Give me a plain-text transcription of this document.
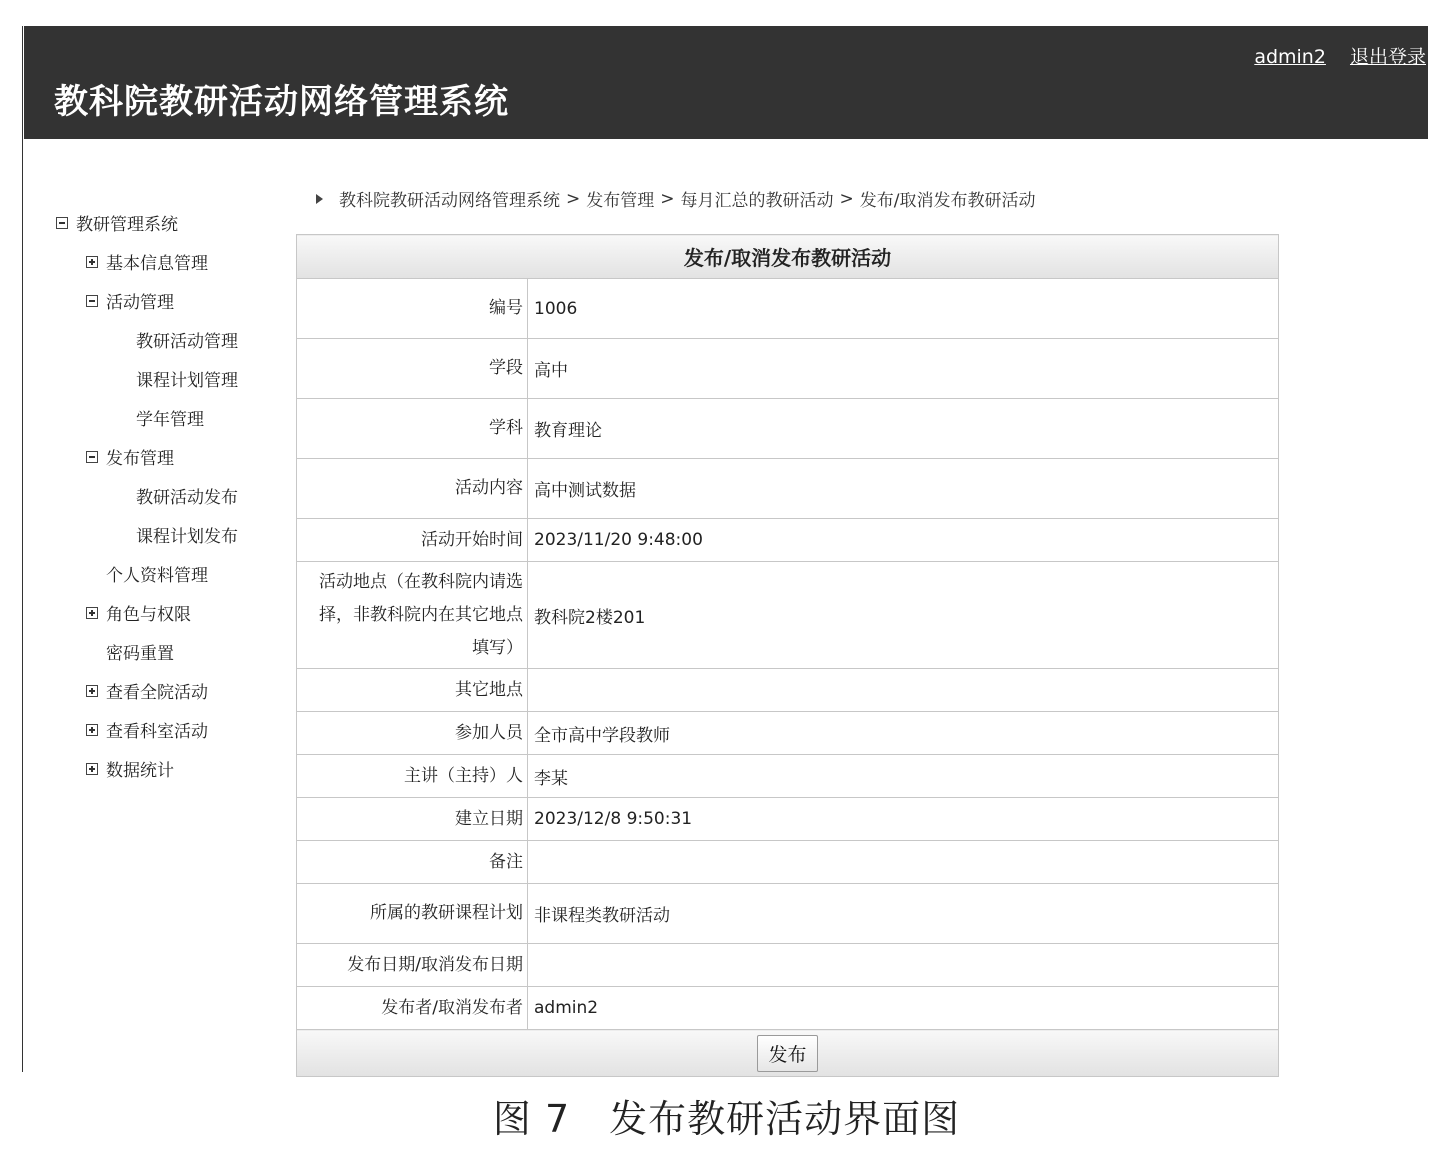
教科院教研活动网络管理系统
admin2 退出登录
教研管理系统
基本信息管理
活动管理
教研活动管理
课程计划管理
学年管理
发布管理
教研活动发布
课程计划发布
个人资料管理
角色与权限
密码重置
查看全院活动
查看科室活动
数据统计
教科院教研活动网络管理系统 > 发布管理 > 每月汇总的教研活动 > 发布/取消发布教研活动
发布/取消发布教研活动	
编号	1006
学段	高中
学科	教育理论
活动内容	高中测试数据
活动开始时间	2023/11/20 9:48:00
活动地点（在教科院内请选择，非教科院内在其它地点填写）	教科院2楼201
其它地点	
参加人员	全市高中学段教师
主讲（主持）人	李某
建立日期	2023/12/8 9:50:31
备注	
所属的教研课程计划	非课程类教研活动
发布日期/取消发布日期	
发布者/取消发布者	admin2
发布	
图 7　发布教研活动界面图
